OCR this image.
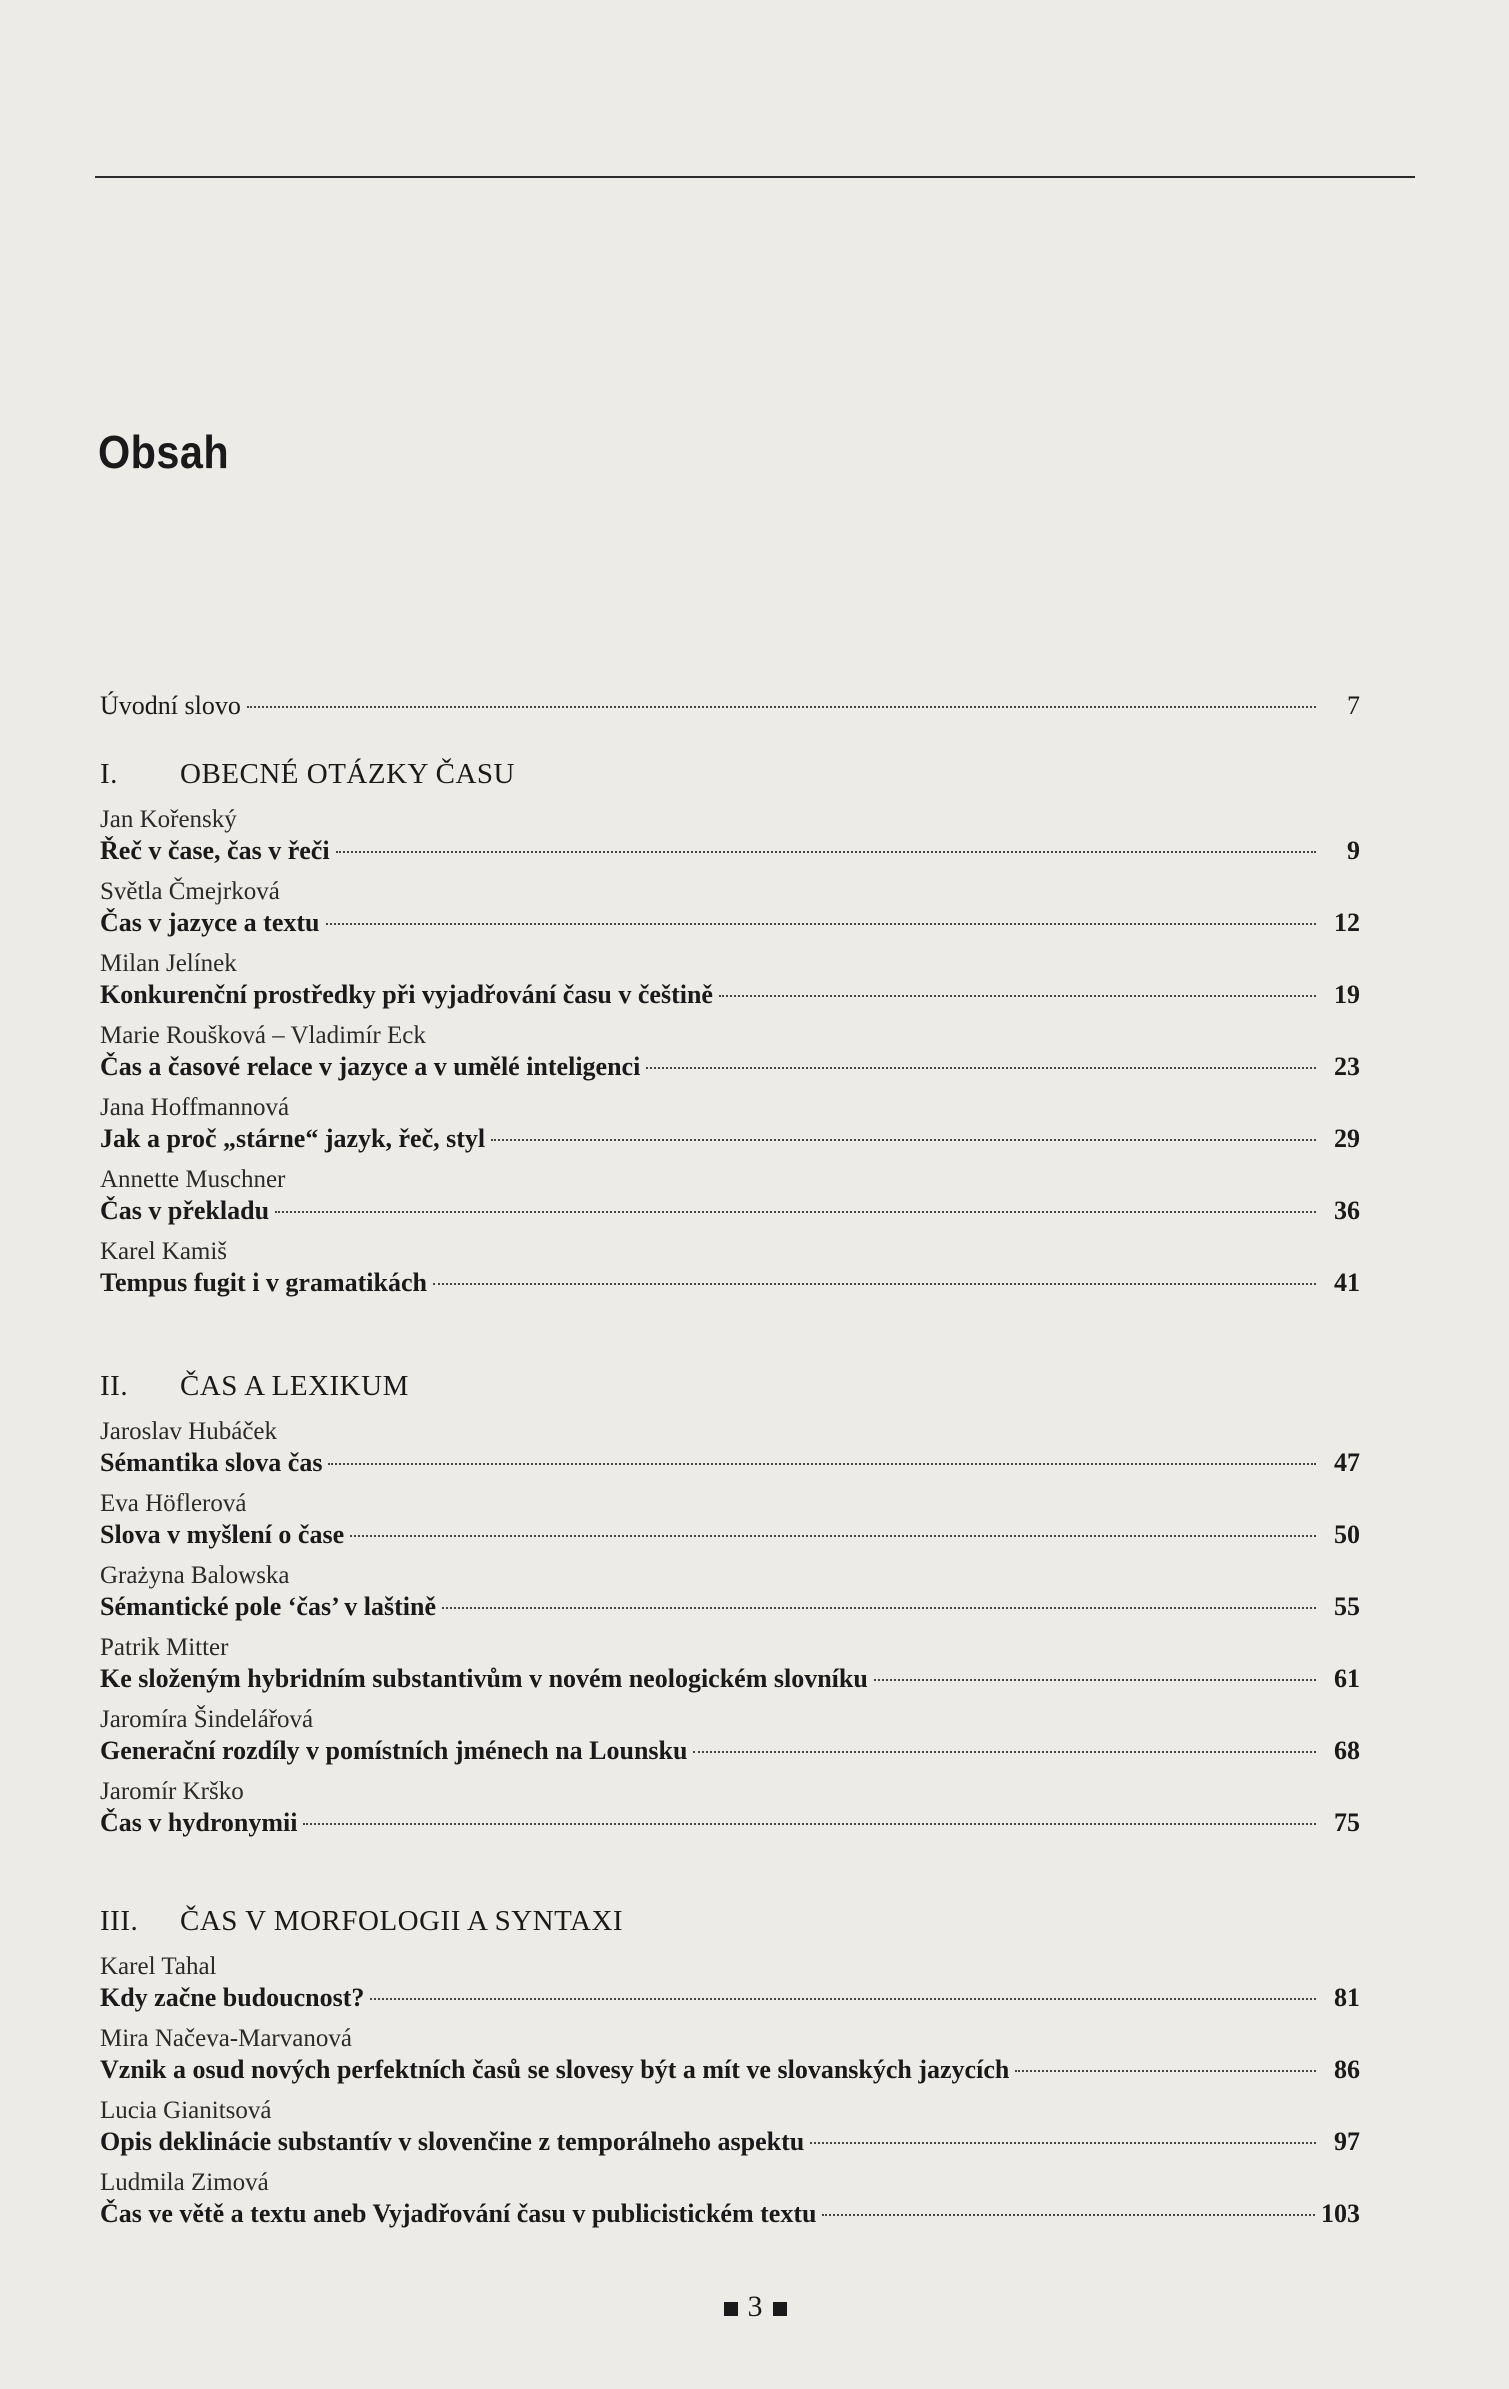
Obsah
Úvodní slovo	7
I. OBECNÉ OTÁZKY ČASU
Jan Kořenský
Řeč v čase, čas v řeči	9
Světla Čmejrková
Čas v jazyce a textu	12
Milan Jelínek
Konkurenční prostředky při vyjadřování času v češtině	19
Marie Roušková – Vladimír Eck
Čas a časové relace v jazyce a v umělé inteligenci	23
Jana Hoffmannová
Jak a proč „stárne“ jazyk, řeč, styl	29
Annette Muschner
Čas v překladu	36
Karel Kamiš
Tempus fugit i v gramatikách	41
II. ČAS A LEXIKUM
Jaroslav Hubáček
Sémantika slova čas	47
Eva Höflerová
Slova v myšlení o čase	50
Grażyna Balowska
Sémantické pole ‘čas’ v laštině	55
Patrik Mitter
Ke složeným hybridním substantivům v novém neologickém slovníku	61
Jaromíra Šindelářová
Generační rozdíly v pomístních jménech na Lounsku	68
Jaromír Krško
Čas v hydronymii	75
III. ČAS V MORFOLOGII A SYNTAXI
Karel Tahal
Kdy začne budoucnost?	81
Mira Načeva-Marvanová
Vznik a osud nových perfektních časů se slovesy být a mít ve slovanských jazycích	86
Lucia Gianitsová
Opis deklinácie substantív v slovenčine z temporálneho aspektu	97
Ludmila Zimová
Čas ve větě a textu aneb Vyjadřování času v publicistickém textu	103
3
